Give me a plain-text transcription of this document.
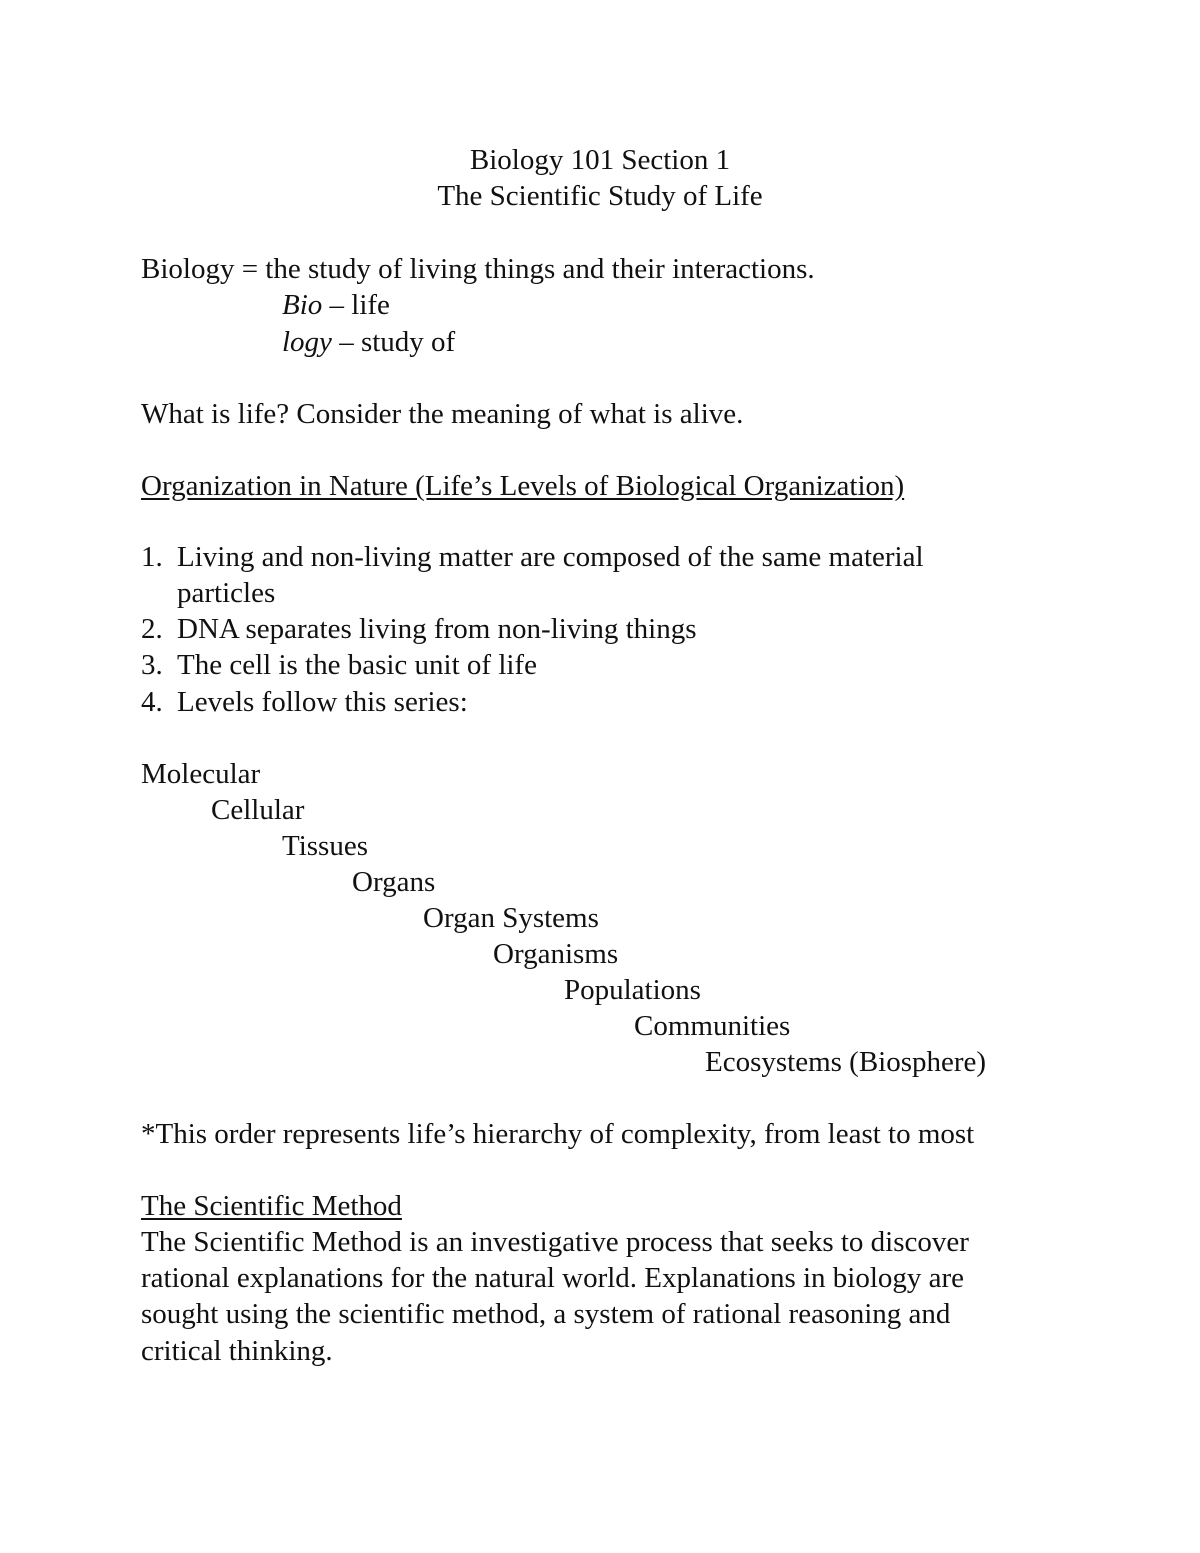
Biology 101 Section 1

The Scientific Study of Life

Biology = the study of living things and their interactions.

Bio – life

logy – study of

What is life? Consider the meaning of what is alive.

Organization in Nature (Life’s Levels of Biological Organization)

1. Living and non-living matter are composed of the same material

particles

2. DNA separates living from non-living things

3. The cell is the basic unit of life

4. Levels follow this series:

Molecular

Cellular

Tissues

Organs

Organ Systems

Organisms

Populations

Communities

Ecosystems (Biosphere)

*This order represents life’s hierarchy of complexity, from least to most

The Scientific Method

The Scientific Method is an investigative process that seeks to discover

rational explanations for the natural world. Explanations in biology are

sought using the scientific method, a system of rational reasoning and

critical thinking.
